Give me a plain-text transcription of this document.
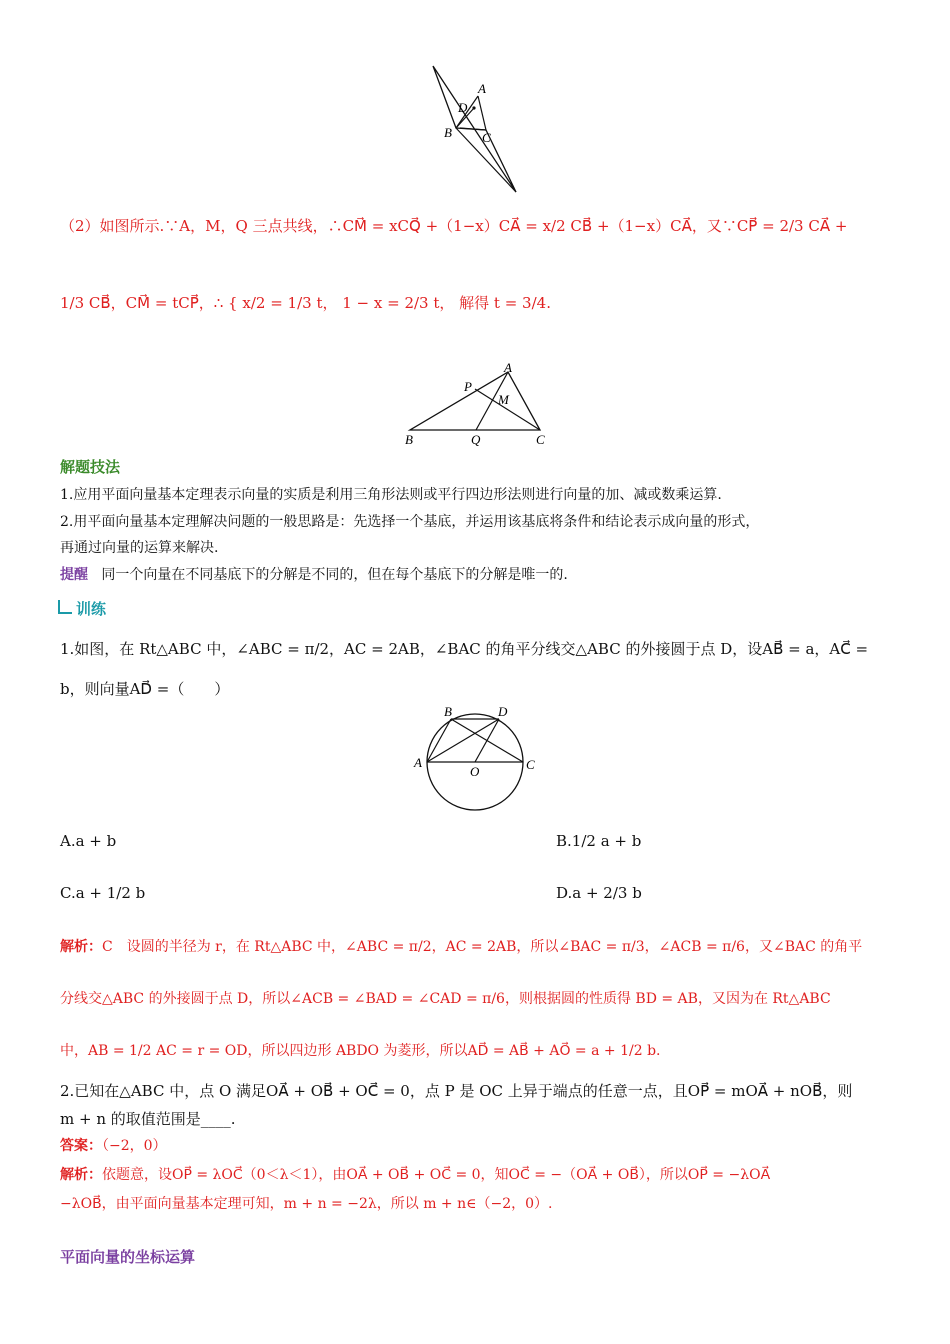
A
D
B C
（2）如图所示.∵A，M，Q 三点共线，∴CM⃗ = xCQ⃗ +（1−x）CA⃗ = x/2 CB⃗ +（1−x）CA⃗，又∵CP⃗ = 2/3 CA⃗ +
1/3 CB⃗，CM⃗ = tCP⃗，∴ { x/2 = 1/3 t， 1 − x = 2/3 t， 解得 t = 3/4.
A
P
M
B	Q	C
解题技法
1.应用平面向量基本定理表示向量的实质是利用三角形法则或平行四边形法则进行向量的加、减或数乘运算.
2.用平面向量基本定理解决问题的一般思路是：先选择一个基底，并运用该基底将条件和结论表示成向量的形式，
再通过向量的运算来解决.
提醒 同一个向量在不同基底下的分解是不同的，但在每个基底下的分解是唯一的.
训练
1.如图，在 Rt△ABC 中，∠ABC = π/2，AC = 2AB，∠BAC 的角平分线交△ABC 的外接圆于点 D，设AB⃗ = a，AC⃗ =
b，则向量AD⃗ =（　　）
B	D
A
O	C
A.a + b	B.1/2 a + b
C.a + 1/2 b	D.a + 2/3 b
解析：C　设圆的半径为 r，在 Rt△ABC 中，∠ABC = π/2，AC = 2AB，所以∠BAC = π/3，∠ACB = π/6，又∠BAC 的角平
分线交△ABC 的外接圆于点 D，所以∠ACB = ∠BAD = ∠CAD = π/6，则根据圆的性质得 BD = AB，又因为在 Rt△ABC
中，AB = 1/2 AC = r = OD，所以四边形 ABDO 为菱形，所以AD⃗ = AB⃗ + AO⃗ = a + 1/2 b.
2.已知在△ABC 中，点 O 满足OA⃗ + OB⃗ + OC⃗ = 0，点 P 是 OC 上异于端点的任意一点，且OP⃗ = mOA⃗ + nOB⃗，则
m + n 的取值范围是____.
答案：（−2，0）
解析：依题意，设OP⃗ = λOC⃗（0＜λ＜1），由OA⃗ + OB⃗ + OC⃗ = 0，知OC⃗ = −（OA⃗ + OB⃗），所以OP⃗ = −λOA⃗
−λOB⃗，由平面向量基本定理可知，m + n = −2λ，所以 m + n∈（−2，0）.
平面向量的坐标运算
